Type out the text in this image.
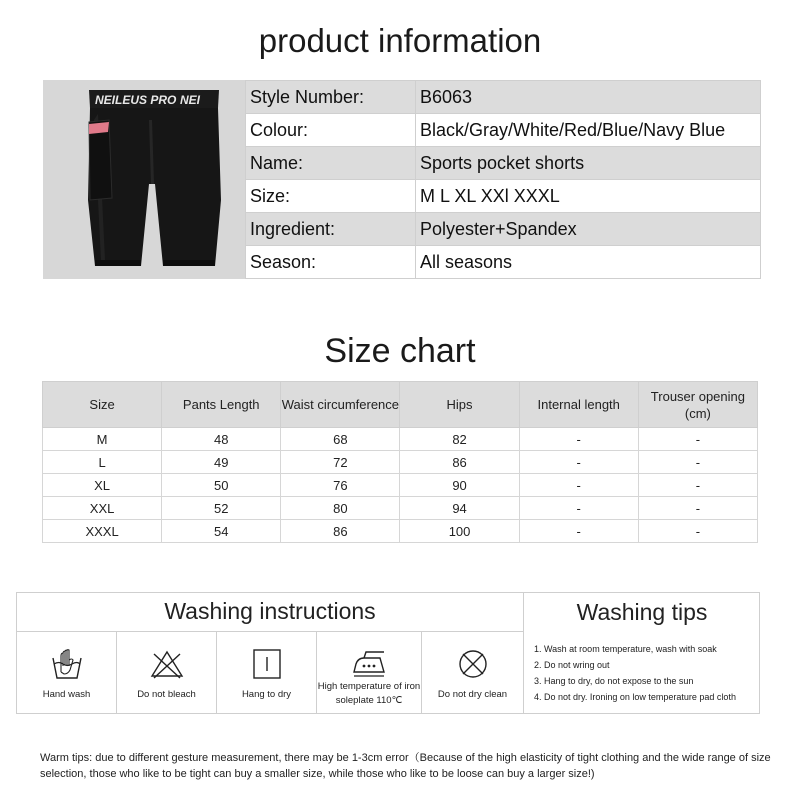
product information
NEILEUS PRO NEI	Style Number:	B6063
Colour:	Black/Gray/White/Red/Blue/Navy Blue
Name:	Sports pocket shorts
Size:	M L XL XXl XXXL
Ingredient:	Polyester+Spandex
Season:	All seasons
Size chart
Size	Pants Length	Waist circumference	Hips	Internal length	Trouser opening (cm)
M	48	68	82	-	-
L	49	72	86	-	-
XL	50	76	90	-	-
XXL	52	80	94	-	-
XXXL	54	86	100	-	-
Washing instructions	Washing tips
Hand wash	Do not bleach	Hang to dry
High temperature of iron soleplate 110℃
Do not dry clean
1. Wash at room temperature, wash with soak
2. Do not wring out
3. Hang to dry, do not expose to the sun
4. Do not dry. Ironing on low temperature pad cloth
Warm tips: due to different gesture measurement, there may be 1-3cm error（Because of the high elasticity of tight clothing and the wide range of size selection, those who like to be tight can buy a smaller size, while those who like to be loose can buy a larger size!)
